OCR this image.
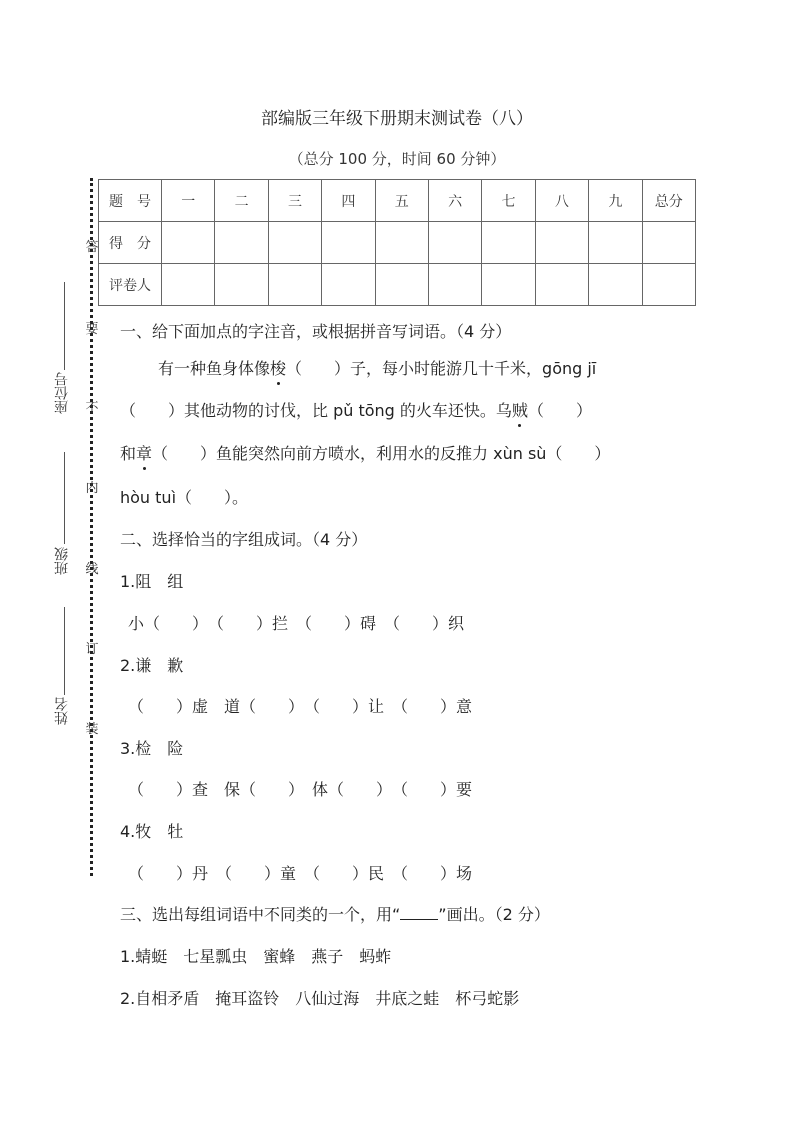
部编版三年级下册期末测试卷（八）
（总分 100 分，时间 60 分钟）
题　号	一	二	三	四	五	六	七	八	九	总分
得　分										
评卷人										
答
要
不
内
线
订
装
座位号
班级
姓名
一、给下面加点的字注音，或根据拼音写词语。（4 分）
有一种鱼身体像梭（　　）子，每小时能游几十千米，gōng jī
（　　）其他动物的讨伐，比 pǔ tōng 的火车还快。乌贼（　　）
和章（　　）鱼能突然向前方喷水，利用水的反推力 xùn sù（　　）
hòu tuì（　　）。
二、选择恰当的字组成词。（4 分）
1.阻　组
小（　　）　（　　）拦　（　　）碍　（　　）织
2.谦　歉
（　　）虚　道（　　）　（　　）让　（　　）意
3.检　险
（　　）查　保（　　）　体（　　）　（　　）要
4.牧　牡
（　　）丹　（　　）童　（　　）民　（　　）场
三、选出每组词语中不同类的一个，用“ ”画出。（2 分）
1.蜻蜓　七星瓢虫　蜜蜂　燕子　蚂蚱
2.自相矛盾　掩耳盗铃　八仙过海　井底之蛙　杯弓蛇影
